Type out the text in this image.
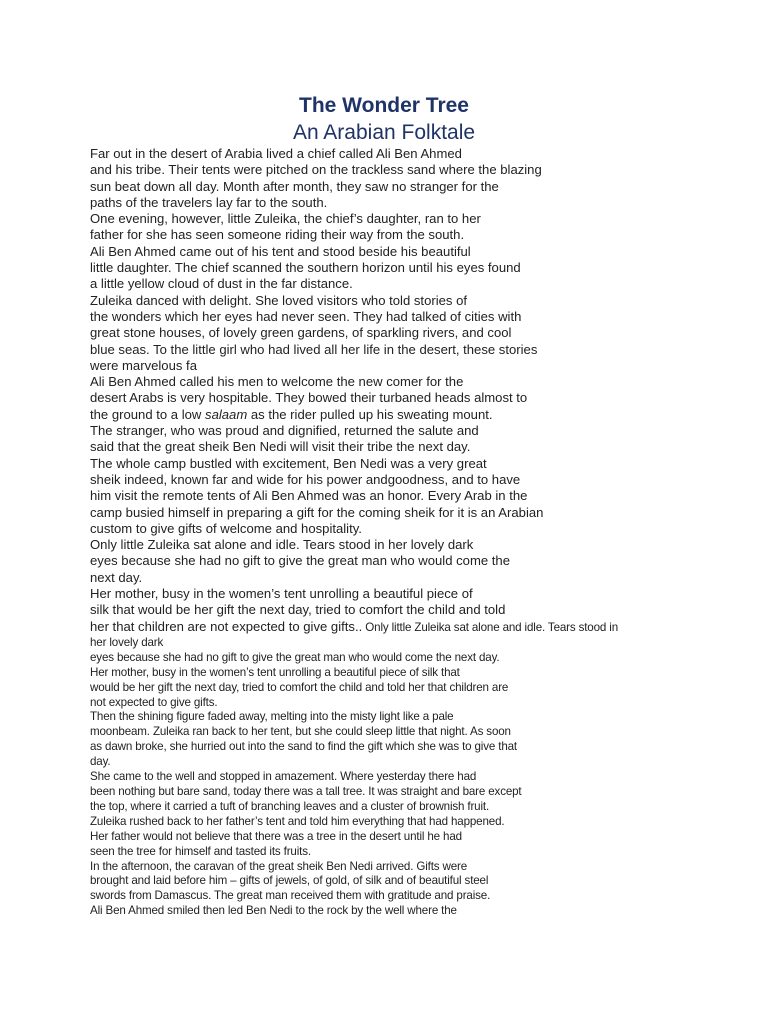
The Wonder Tree
An Arabian Folktale
Far out in the desert of Arabia lived a chief called Ali Ben Ahmed
and his tribe. Their tents were pitched on the trackless sand where the blazing
sun beat down all day. Month after month, they saw no stranger for the
paths of the travelers lay far to the south.
One evening, however, little Zuleika, the chief’s daughter, ran to her
father for she has seen someone riding their way from the south.
Ali Ben Ahmed came out of his tent and stood beside his beautiful
little daughter. The chief scanned the southern horizon until his eyes found
a little yellow cloud of dust in the far distance.
Zuleika danced with delight. She loved visitors who told stories of
the wonders which her eyes had never seen. They had talked of cities with
great stone houses, of lovely green gardens, of sparkling rivers, and cool
blue seas. To the little girl who had lived all her life in the desert, these stories
were marvelous fa
Ali Ben Ahmed called his men to welcome the new comer for the
desert Arabs is very hospitable. They bowed their turbaned heads almost to
the ground to a low salaam as the rider pulled up his sweating mount.
The stranger, who was proud and dignified, returned the salute and
said that the great sheik Ben Nedi will visit their tribe the next day.
The whole camp bustled with excitement, Ben Nedi was a very great
sheik indeed, known far and wide for his power andgoodness, and to have
him visit the remote tents of Ali Ben Ahmed was an honor. Every Arab in the
camp busied himself in preparing a gift for the coming sheik for it is an Arabian
custom to give gifts of welcome and hospitality.
Only little Zuleika sat alone and idle. Tears stood in her lovely dark
eyes because she had no gift to give the great man who would come the
next day.
Her mother, busy in the women’s tent unrolling a beautiful piece of
silk that would be her gift the next day, tried to comfort the child and told
her that children are not expected to give gifts.. Only little Zuleika sat alone and idle. Tears stood in
her lovely dark
eyes because she had no gift to give the great man who would come the next day.
Her mother, busy in the women’s tent unrolling a beautiful piece of silk that
would be her gift the next day, tried to comfort the child and told her that children are
not expected to give gifts.
Then the shining figure faded away, melting into the misty light like a pale
moonbeam. Zuleika ran back to her tent, but she could sleep little that night. As soon
as dawn broke, she hurried out into the sand to find the gift which she was to give that
day.
She came to the well and stopped in amazement. Where yesterday there had
been nothing but bare sand, today there was a tall tree. It was straight and bare except
the top, where it carried a tuft of branching leaves and a cluster of brownish fruit.
Zuleika rushed back to her father’s tent and told him everything that had happened.
Her father would not believe that there was a tree in the desert until he had
seen the tree for himself and tasted its fruits.
In the afternoon, the caravan of the great sheik Ben Nedi arrived. Gifts were
brought and laid before him – gifts of jewels, of gold, of silk and of beautiful steel
swords from Damascus. The great man received them with gratitude and praise.
Ali Ben Ahmed smiled then led Ben Nedi to the rock by the well where the
